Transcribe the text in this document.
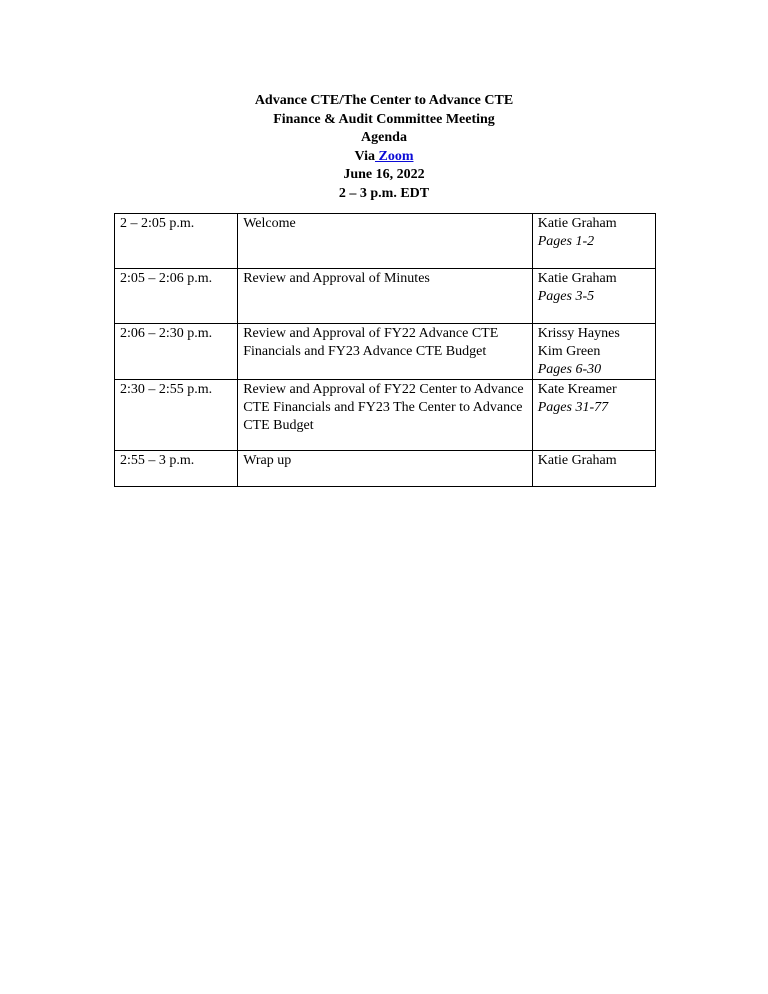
Advance CTE/The Center to Advance CTE
Finance & Audit Committee Meeting
Agenda
Via Zoom
June 16, 2022
2 – 3 p.m. EDT
2 – 2:05 p.m.	Welcome	Katie Graham
Pages 1-2

2:05 – 2:06 p.m.	Review and Approval of Minutes	Katie Graham
Pages 3-5

2:06 – 2:30 p.m.	Review and Approval of FY22 Advance CTE Financials and FY23 Advance CTE Budget	Krissy Haynes
Kim Green
Pages 6-30

2:30 – 2:55 p.m.	Review and Approval of FY22 Center to Advance CTE Financials and FY23 The Center to Advance CTE Budget	Kate Kreamer
Pages 31-77

2:55 – 3 p.m.	Wrap up	Katie Graham
